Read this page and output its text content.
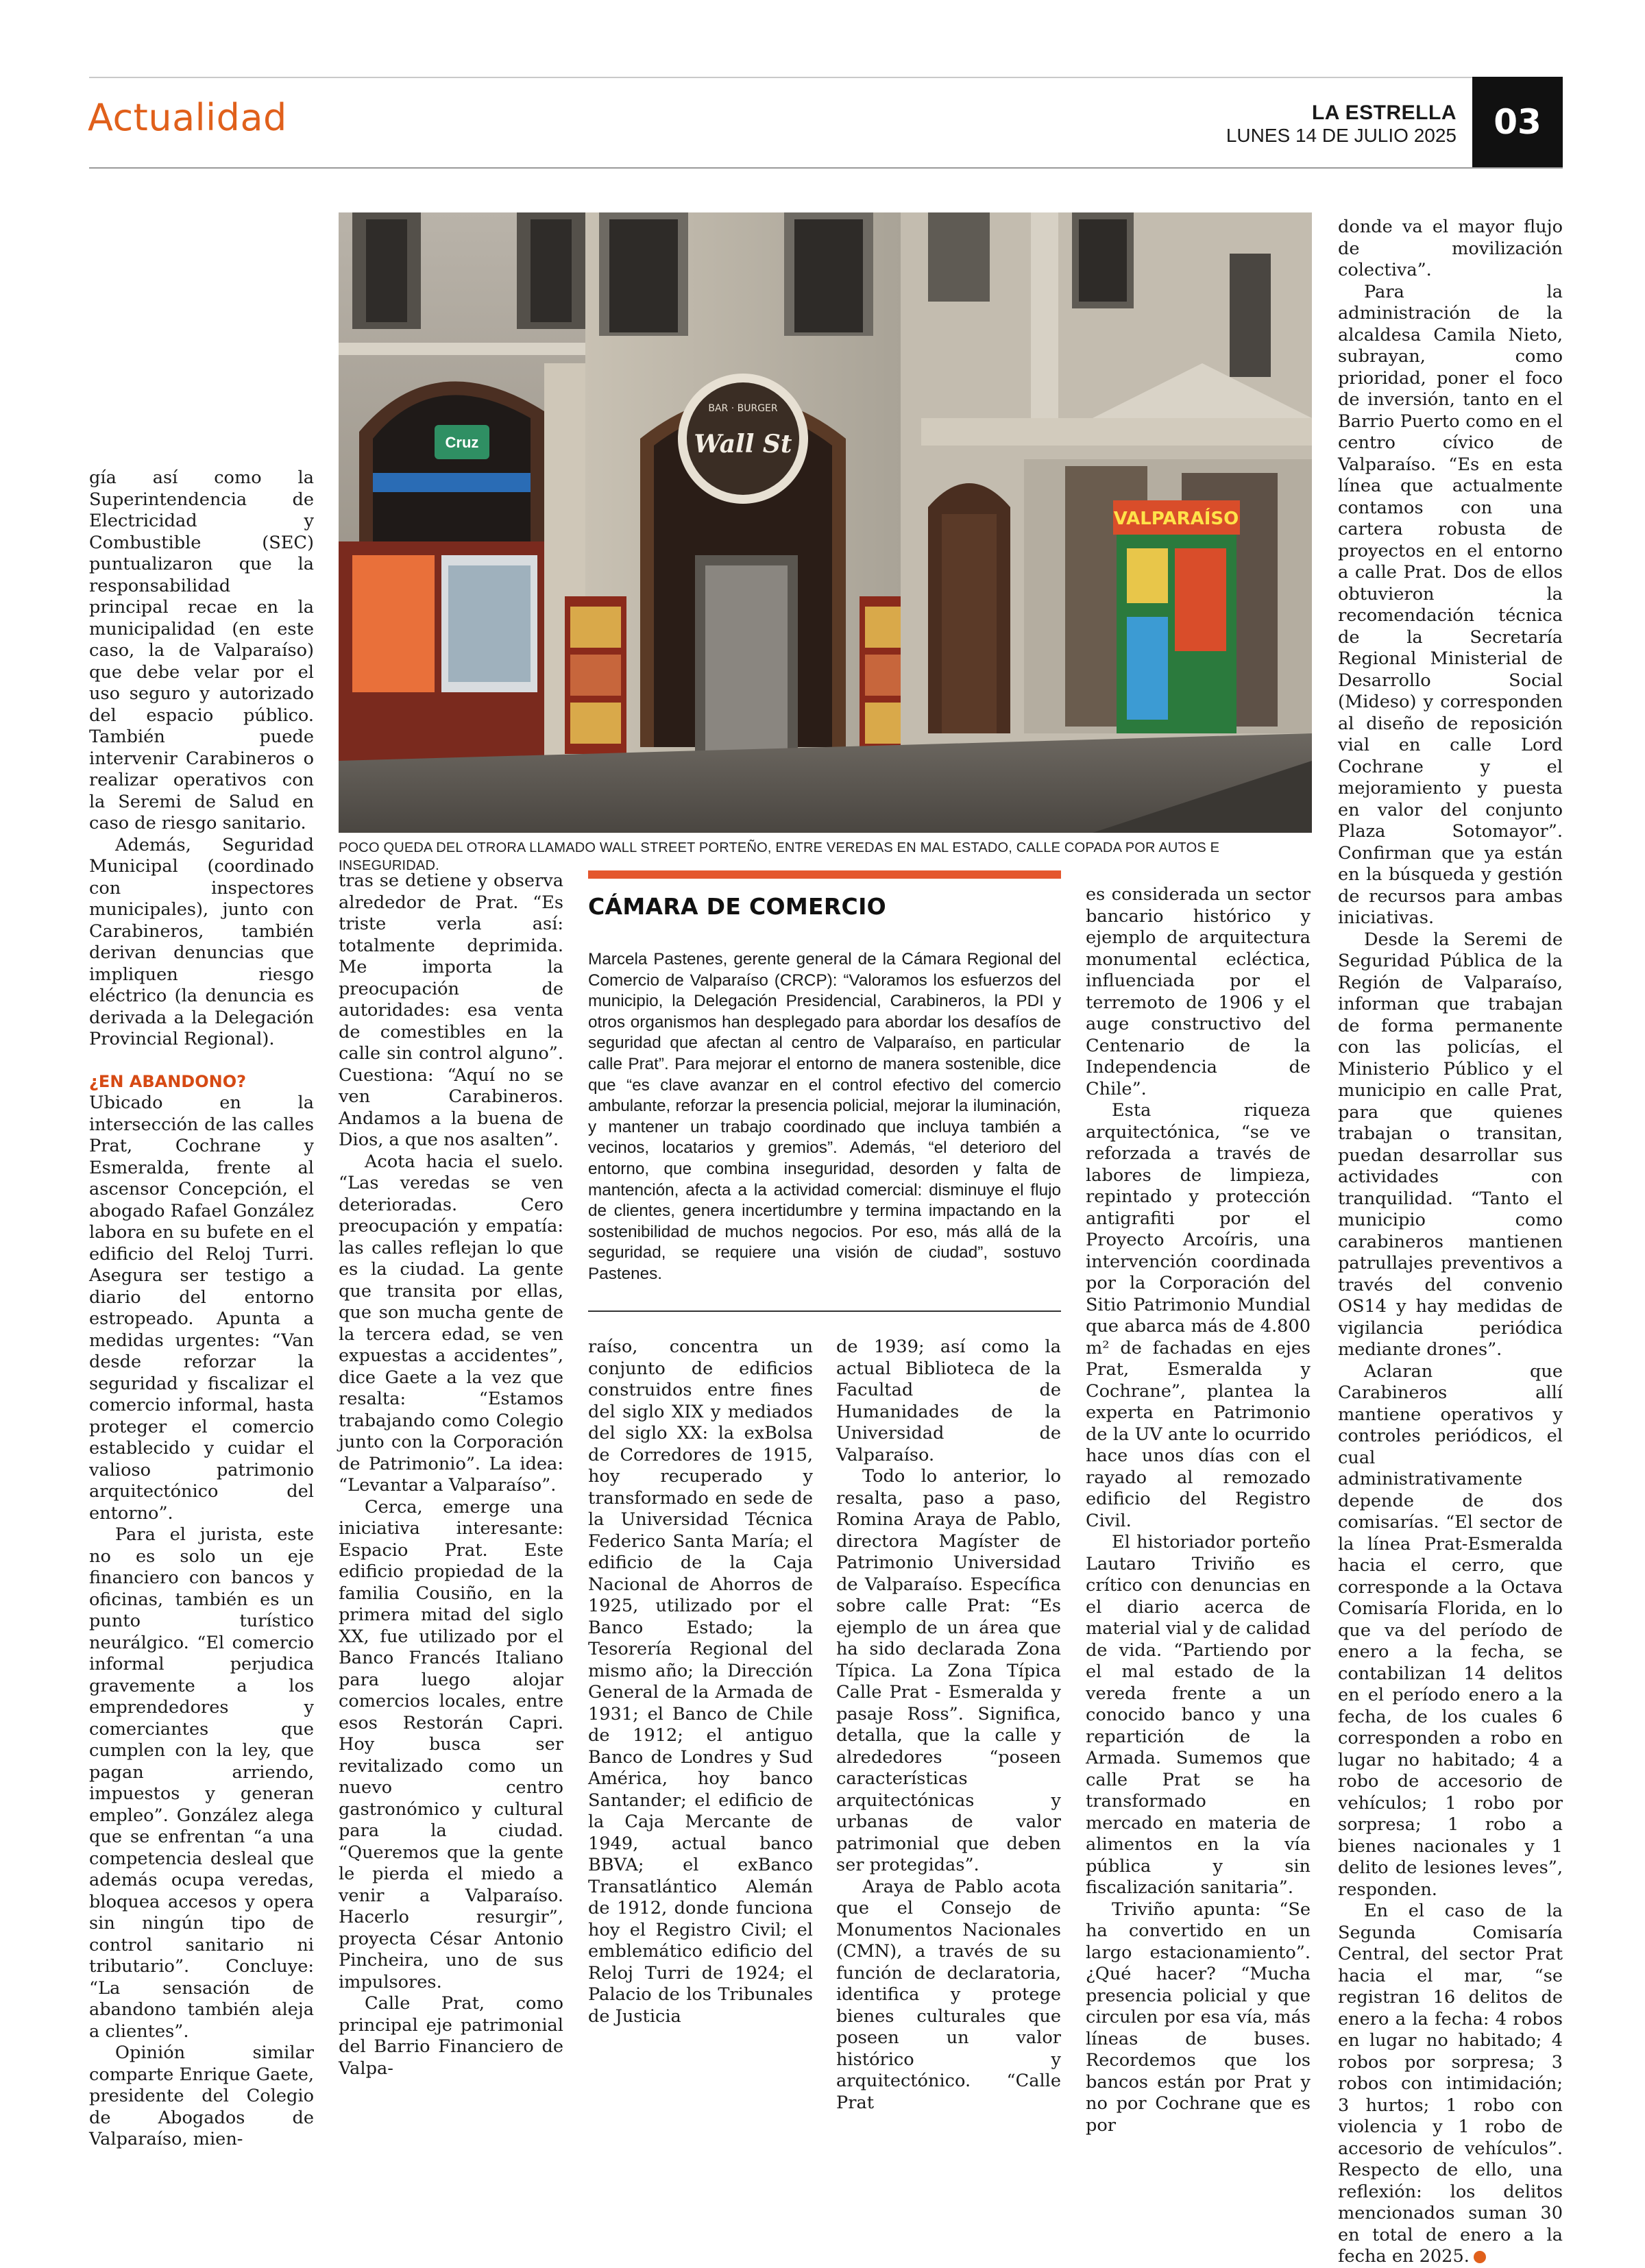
Actualidad	LA ESTRELLA
LUNES 14 DE JULIO 2025	03
Cruz
BAR · BURGER
Wall St
VALPARAÍSO
POCO QUEDA DEL OTRORA LLAMADO WALL STREET PORTEÑO, ENTRE VEREDAS EN MAL ESTADO, CALLE COPADA POR AUTOS E INSEGURIDAD.

gía así como la Superintendencia de Electricidad y Combustible (SEC) puntualizaron que la responsabilidad principal recae en la municipalidad (en este caso, la de Valparaíso) que debe velar por el uso seguro y autorizado del espacio público. También puede intervenir Carabineros o realizar operativos con la Seremi de Salud en caso de riesgo sanitario.

Además, Seguridad Municipal (coordinado con inspectores municipales), junto con Carabineros, también derivan denuncias que impliquen riesgo eléctrico (la denuncia es derivada a la Delegación Provincial Regional).

¿EN ABANDONO?

Ubicado en la intersección de las calles Prat, Cochrane y Esmeralda, frente al ascensor Concepción, el abogado Rafael González labora en su bufete en el edificio del Reloj Turri. Asegura ser testigo a diario del entorno estropeado. Apunta a medidas urgentes: “Van desde reforzar la seguridad y fiscalizar el comercio informal, hasta proteger el comercio establecido y cuidar el valioso patrimonio arquitectónico del entorno”.

Para el jurista, este no es solo un eje financiero con bancos y oficinas, también es un punto turístico neurálgico. “El comercio informal perjudica gravemente a los emprendedores y comerciantes que cumplen con la ley, que pagan arriendo, impuestos y generan empleo”. González alega que se enfrentan “a una competencia desleal que además ocupa veredas, bloquea accesos y opera sin ningún tipo de control sanitario ni tributario”. Concluye: “La sensación de abandono también aleja a clientes”.

Opinión similar comparte Enrique Gaete, presidente del Colegio de Abogados de Valparaíso, mien-

tras se detiene y observa alrededor de Prat. “Es triste verla así: totalmente deprimida. Me importa la preocupación de autoridades: esa venta de comestibles en la calle sin control alguno”. Cuestiona: “Aquí no se ven Carabineros. Andamos a la buena de Dios, a que nos asalten”.

Acota hacia el suelo. “Las veredas se ven deterioradas. Cero preocupación y empatía: las calles reflejan lo que es la ciudad. La gente que transita por ellas, que son mucha gente de la tercera edad, se ven expuestas a accidentes”, dice Gaete a la vez que resalta: “Estamos trabajando como Colegio junto con la Corporación de Patrimonio”. La idea: “Levantar a Valparaíso”.

Cerca, emerge una iniciativa interesante: Espacio Prat. Este edificio propiedad de la familia Cousiño, en la primera mitad del siglo XX, fue utilizado por el Banco Francés Italiano para luego alojar comercios locales, entre esos Restorán Capri. Hoy busca ser revitalizado como un nuevo centro gastronómico y cultural para la ciudad. “Queremos que la gente le pierda el miedo a venir a Valparaíso. Hacerlo resurgir”, proyecta César Antonio Pincheira, uno de sus impulsores.

Calle Prat, como principal eje patrimonial del Barrio Financiero de Valpa-

CÁMARA DE COMERCIO

Marcela Pastenes, gerente general de la Cámara Regional del Comercio de Valparaíso (CRCP): “Valoramos los esfuerzos del municipio, la Delegación Presidencial, Carabineros, la PDI y otros organismos han desplegado para abordar los desafíos de seguridad que afectan al centro de Valparaíso, en particular calle Prat”. Para mejorar el entorno de manera sostenible, dice que “es clave avanzar en el control efectivo del comercio ambulante, reforzar la presencia policial, mejorar la iluminación, y mantener un trabajo coordinado que incluya también a vecinos, locatarios y gremios”. Además, “el deterioro del entorno, que combina inseguridad, desorden y falta de mantención, afecta a la actividad comercial: disminuye el flujo de clientes, genera incertidumbre y termina impactando en la sostenibilidad de muchos negocios. Por eso, más allá de la seguridad, se requiere una visión de ciudad”, sostuvo Pastenes.

raíso, concentra un conjunto de edificios construidos entre fines del siglo XIX y mediados del siglo XX: la exBolsa de Corredores de 1915, hoy recuperado y transformado en sede de la Universidad Técnica Federico Santa María; el edificio de la Caja Nacional de Ahorros de 1925, utilizado por el Banco Estado; la Tesorería Regional del mismo año; la Dirección General de la Armada de 1931; el Banco de Chile de 1912; el antiguo Banco de Londres y Sud América, hoy banco Santander; el edificio de la Caja Mercante de 1949, actual banco BBVA; el exBanco Transatlántico Alemán de 1912, donde funciona hoy el Registro Civil; el emblemático edificio del Reloj Turri de 1924; el Palacio de los Tribunales de Justicia

de 1939; así como la actual Biblioteca de la Facultad de Humanidades de la Universidad de Valparaíso.

Todo lo anterior, lo resalta, paso a paso, Romina Araya de Pablo, directora Magíster de Patrimonio Universidad de Valparaíso. Específica sobre calle Prat: “Es ejemplo de un área que ha sido declarada Zona Típica. La Zona Típica Calle Prat - Esmeralda y pasaje Ross”. Significa, detalla, que la calle y alrededores “poseen características arquitectónicas y urbanas de valor patrimonial que deben ser protegidas”.

Araya de Pablo acota que el Consejo de Monumentos Nacionales (CMN), a través de su función de declaratoria, identifica y protege bienes culturales que poseen un valor histórico y arquitectónico. “Calle Prat

es considerada un sector bancario histórico y ejemplo de arquitectura monumental ecléctica, influenciada por el terremoto de 1906 y el auge constructivo del Centenario de la Independencia de Chile”.

Esta riqueza arquitectónica, “se ve reforzada a través de labores de limpieza, repintado y protección antigrafiti por el Proyecto Arcoíris, una intervención coordinada por la Corporación del Sitio Patrimonio Mundial que abarca más de 4.800 m² de fachadas en ejes Prat, Esmeralda y Cochrane”, plantea la experta en Patrimonio de la UV ante lo ocurrido hace unos días con el rayado al remozado edificio del Registro Civil.

El historiador porteño Lautaro Triviño es crítico con denuncias en el diario acerca de material vial y de calidad de vida. “Partiendo por el mal estado de la vereda frente a un conocido banco y una repartición de la Armada. Sumemos que calle Prat se ha transformado en mercado en materia de alimentos en la vía pública y sin fiscalización sanitaria”.

Triviño apunta: “Se ha convertido en un largo estacionamiento”. ¿Qué hacer? “Mucha presencia policial y que circulen por esa vía, más líneas de buses. Recordemos que los bancos están por Prat y no por Cochrane que es por

donde va el mayor flujo de movilización colectiva”.

Para la administración de la alcaldesa Camila Nieto, subrayan, como prioridad, poner el foco de inversión, tanto en el Barrio Puerto como en el centro cívico de Valparaíso. “Es en esta línea que actualmente contamos con una cartera robusta de proyectos en el entorno a calle Prat. Dos de ellos obtuvieron la recomendación técnica de la Secretaría Regional Ministerial de Desarrollo Social (Mideso) y corresponden al diseño de reposición vial en calle Lord Cochrane y el mejoramiento y puesta en valor del conjunto Plaza Sotomayor”. Confirman que ya están en la búsqueda y gestión de recursos para ambas iniciativas.

Desde la Seremi de Seguridad Pública de la Región de Valparaíso, informan que trabajan de forma permanente con las policías, el Ministerio Público y el municipio en calle Prat, para que quienes trabajan o transitan, puedan desarrollar sus actividades con tranquilidad. “Tanto el municipio como carabineros mantienen patrullajes preventivos a través del convenio OS14 y hay medidas de vigilancia periódica mediante drones”.

Aclaran que Carabineros allí mantiene operativos y controles periódicos, el cual administrativamente depende de dos comisarías. “El sector de la línea Prat-Esmeralda hacia el cerro, que corresponde a la Octava Comisaría Florida, en lo que va del período de enero a la fecha, se contabilizan 14 delitos en el período enero a la fecha, de los cuales 6 corresponden a robo en lugar no habitado; 4 a robo de accesorio de vehículos; 1 robo por sorpresa; 1 robo a bienes nacionales y 1 delito de lesiones leves”, responden.

En el caso de la Segunda Comisaría Central, del sector Prat hacia el mar, “se registran 16 delitos de enero a la fecha: 4 robos en lugar no habitado; 4 robos por sorpresa; 3 robos con intimidación; 3 hurtos; 1 robo con violencia y 1 robo de accesorio de vehículos”. Respecto de ello, una reflexión: los delitos mencionados suman 30 en total de enero a la fecha en 2025.
